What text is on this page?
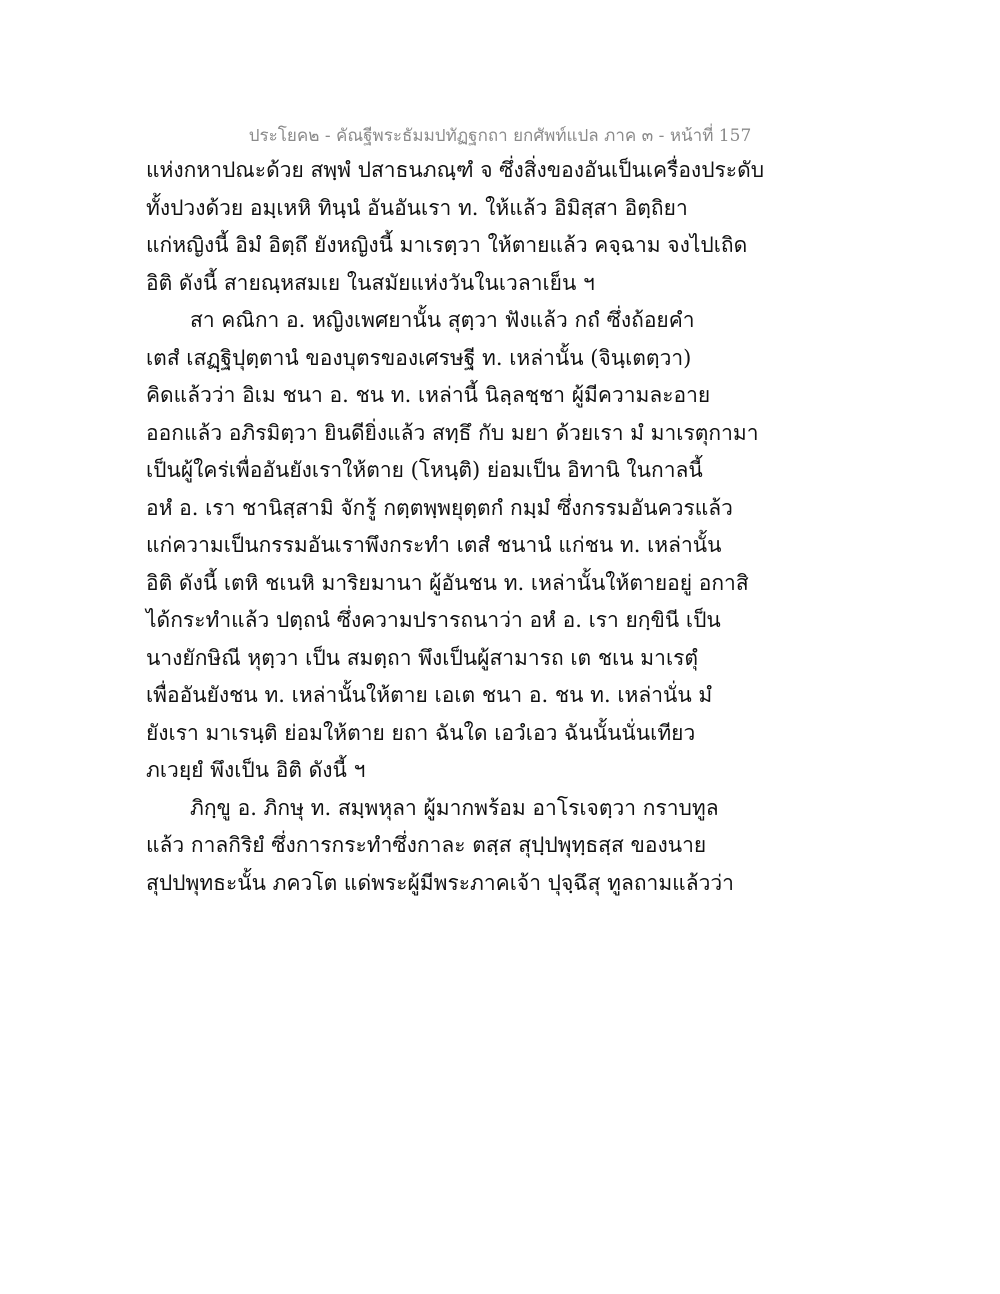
ประโยค๒ - คัณฐีพระธัมมปทัฏฐกถา ยกศัพท์แปล ภาค ๓ - หน้าที่ 157
แห่งกหาปณะด้วย สพฺพํ ปสาธนภณฺฑํ จ ซึ่งสิ่งของอันเป็นเครื่องประดับ
ทั้งปวงด้วย อมฺเหหิ ทินฺนํ อันอันเรา ท. ให้แล้ว อิมิสฺสา อิตฺถิยา
แก่หญิงนี้ อิมํ อิตฺถึ ยังหญิงนี้ มาเรตฺวา ให้ตายแล้ว คจฺฉาม จงไปเถิด
อิติ ดังนี้ สายณฺหสมเย ในสมัยแห่งวันในเวลาเย็น ฯ
สา คณิกา อ. หญิงเพศยานั้น สุตฺวา ฟังแล้ว กถํ ซึ่งถ้อยคำ
เตสํ เสฏฺฐิปุตฺตานํ ของบุตรของเศรษฐี ท. เหล่านั้น (จินฺเตตฺวา)
คิดแล้วว่า อิเม ชนา อ. ชน ท. เหล่านี้ นิลฺลชฺชา ผู้มีความละอาย
ออกแล้ว อภิรมิตฺวา ยินดียิ่งแล้ว สทฺธึ กับ มยา ด้วยเรา มํ มาเรตุกามา
เป็นผู้ใคร่เพื่ออันยังเราให้ตาย (โหนฺติ) ย่อมเป็น อิทานิ ในกาลนี้
อหํ อ. เรา ชานิสฺสามิ จักรู้ กตฺตพฺพยุตฺตกํ กมฺมํ ซึ่งกรรมอันควรแล้ว
แก่ความเป็นกรรมอันเราพึงกระทำ เตสํ ชนานํ แก่ชน ท. เหล่านั้น
อิติ ดังนี้ เตหิ ชเนหิ มาริยมานา ผู้อันชน ท. เหล่านั้นให้ตายอยู่ อกาสิ
ได้กระทำแล้ว ปตฺถนํ ซึ่งความปรารถนาว่า อหํ อ. เรา ยกฺขินี เป็น
นางยักษิณี หุตฺวา เป็น สมตฺถา พึงเป็นผู้สามารถ เต ชเน มาเรตุํ
เพื่ออันยังชน ท. เหล่านั้นให้ตาย เอเต ชนา อ. ชน ท. เหล่านั่น มํ
ยังเรา มาเรนฺติ ย่อมให้ตาย ยถา ฉันใด เอวํเอว ฉันนั้นนั่นเทียว
ภเวยฺยํ พึงเป็น อิติ ดังนี้ ฯ
ภิกฺขู อ. ภิกษุ ท. สมฺพหุลา ผู้มากพร้อม อาโรเจตฺวา กราบทูล
แล้ว กาลกิริยํ ซึ่งการกระทำซึ่งกาละ ตสฺส สุปฺปพุทฺธสฺส ของนาย
สุปปพุทธะนั้น ภควโต แด่พระผู้มีพระภาคเจ้า ปุจฺฉึสุ ทูลถามแล้วว่า
